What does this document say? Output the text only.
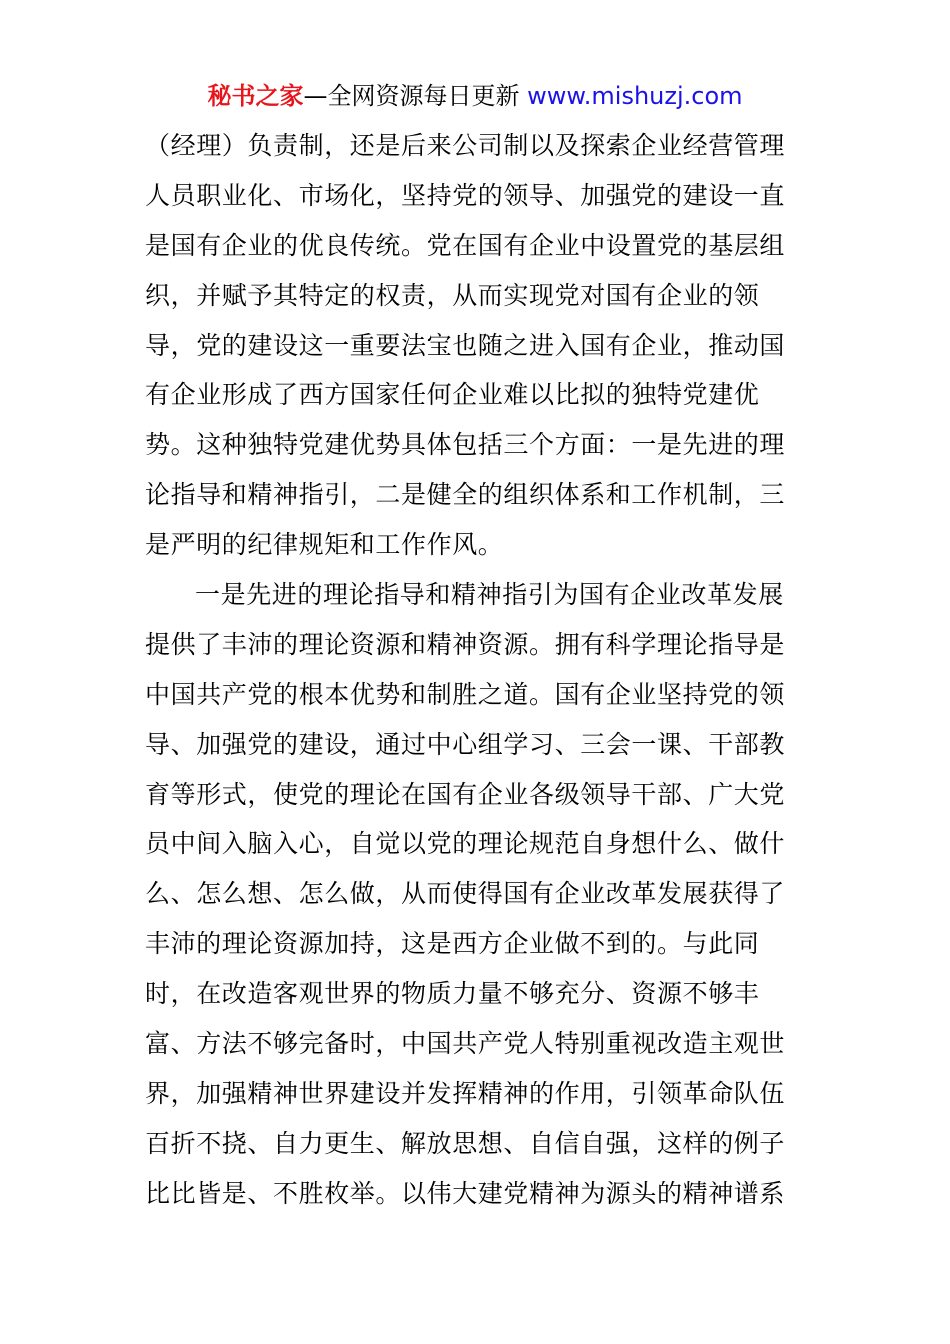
秘书之家—全网资源每日更新 www.mishuzj.com
（经理）负责制，还是后来公司制以及探索企业经营管理
人员职业化、市场化，坚持党的领导、加强党的建设一直
是国有企业的优良传统。党在国有企业中设置党的基层组
织，并赋予其特定的权责，从而实现党对国有企业的领
导，党的建设这一重要法宝也随之进入国有企业，推动国
有企业形成了西方国家任何企业难以比拟的独特党建优
势。这种独特党建优势具体包括三个方面：一是先进的理
论指导和精神指引，二是健全的组织体系和工作机制，三
是严明的纪律规矩和工作作风。
一是先进的理论指导和精神指引为国有企业改革发展
提供了丰沛的理论资源和精神资源。拥有科学理论指导是
中国共产党的根本优势和制胜之道。国有企业坚持党的领
导、加强党的建设，通过中心组学习、三会一课、干部教
育等形式，使党的理论在国有企业各级领导干部、广大党
员中间入脑入心，自觉以党的理论规范自身想什么、做什
么、怎么想、怎么做，从而使得国有企业改革发展获得了
丰沛的理论资源加持，这是西方企业做不到的。与此同
时，在改造客观世界的物质力量不够充分、资源不够丰
富、方法不够完备时，中国共产党人特别重视改造主观世
界，加强精神世界建设并发挥精神的作用，引领革命队伍
百折不挠、自力更生、解放思想、自信自强，这样的例子
比比皆是、不胜枚举。以伟大建党精神为源头的精神谱系
